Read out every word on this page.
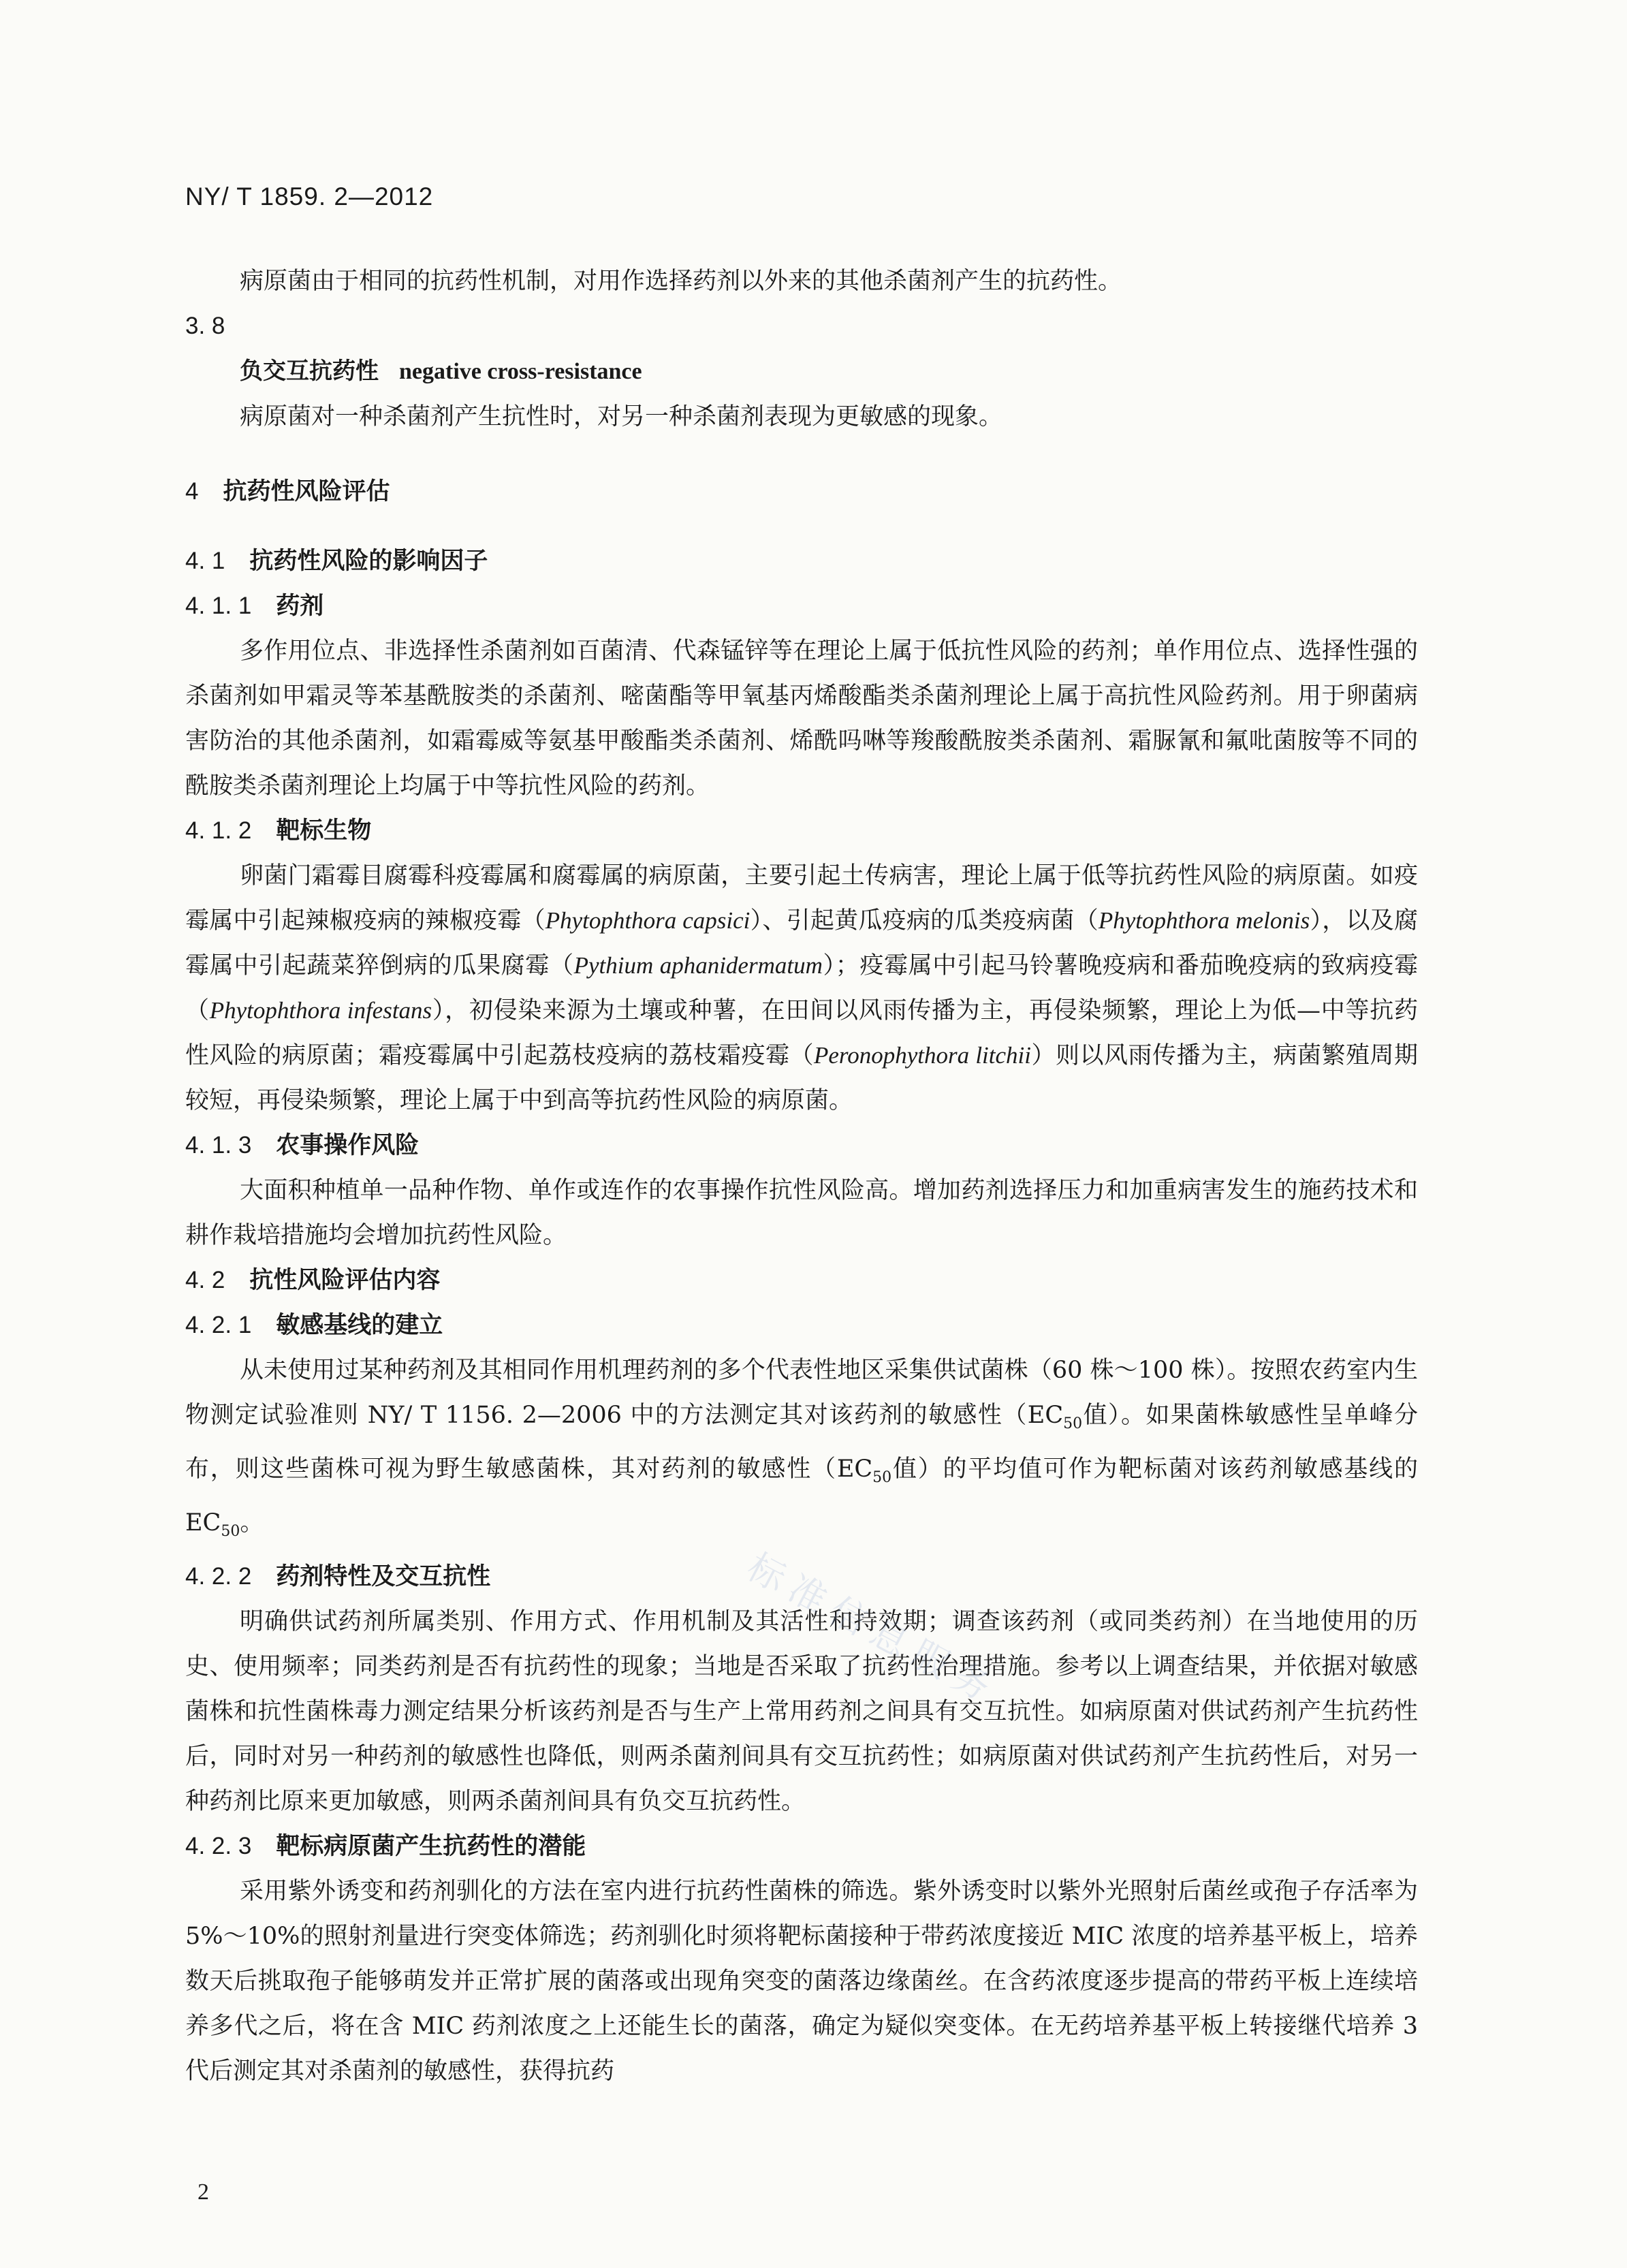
NY/ T 1859. 2—2012

病原菌由于相同的抗药性机制，对用作选择药剂以外来的其他杀菌剂产生的抗药性。

3. 8

负交互抗药性 negative cross-resistance

病原菌对一种杀菌剂产生抗性时，对另一种杀菌剂表现为更敏感的现象。

4 抗药性风险评估

4. 1 抗药性风险的影响因子

4. 1. 1 药剂

多作用位点、非选择性杀菌剂如百菌清、代森锰锌等在理论上属于低抗性风险的药剂；单作用位点、选择性强的杀菌剂如甲霜灵等苯基酰胺类的杀菌剂、嘧菌酯等甲氧基丙烯酸酯类杀菌剂理论上属于高抗性风险药剂。用于卵菌病害防治的其他杀菌剂，如霜霉威等氨基甲酸酯类杀菌剂、烯酰吗啉等羧酸酰胺类杀菌剂、霜脲氰和氟吡菌胺等不同的酰胺类杀菌剂理论上均属于中等抗性风险的药剂。

4. 1. 2 靶标生物

卵菌门霜霉目腐霉科疫霉属和腐霉属的病原菌，主要引起土传病害，理论上属于低等抗药性风险的病原菌。如疫霉属中引起辣椒疫病的辣椒疫霉（Phytophthora capsici）、引起黄瓜疫病的瓜类疫病菌（Phytophthora melonis），以及腐霉属中引起蔬菜猝倒病的瓜果腐霉（Pythium aphanidermatum）；疫霉属中引起马铃薯晚疫病和番茄晚疫病的致病疫霉（Phytophthora infestans），初侵染来源为土壤或种薯，在田间以风雨传播为主，再侵染频繁，理论上为低—中等抗药性风险的病原菌；霜疫霉属中引起荔枝疫病的荔枝霜疫霉（Peronophythora litchii）则以风雨传播为主，病菌繁殖周期较短，再侵染频繁，理论上属于中到高等抗药性风险的病原菌。

4. 1. 3 农事操作风险

大面积种植单一品种作物、单作或连作的农事操作抗性风险高。增加药剂选择压力和加重病害发生的施药技术和耕作栽培措施均会增加抗药性风险。

4. 2 抗性风险评估内容

4. 2. 1 敏感基线的建立

从未使用过某种药剂及其相同作用机理药剂的多个代表性地区采集供试菌株（60 株～100 株）。按照农药室内生物测定试验准则 NY/ T 1156. 2—2006 中的方法测定其对该药剂的敏感性（$EC_{50}$值）。如果菌株敏感性呈单峰分布，则这些菌株可视为野生敏感菌株，其对药剂的敏感性（$EC_{50}$值）的平均值可作为靶标菌对该药剂敏感基线的 $EC_{50}$。

4. 2. 2 药剂特性及交互抗性

明确供试药剂所属类别、作用方式、作用机制及其活性和持效期；调查该药剂（或同类药剂）在当地使用的历史、使用频率；同类药剂是否有抗药性的现象；当地是否采取了抗药性治理措施。参考以上调查结果，并依据对敏感菌株和抗性菌株毒力测定结果分析该药剂是否与生产上常用药剂之间具有交互抗性。如病原菌对供试药剂产生抗药性后，同时对另一种药剂的敏感性也降低，则两杀菌剂间具有交互抗药性；如病原菌对供试药剂产生抗药性后，对另一种药剂比原来更加敏感，则两杀菌剂间具有负交互抗药性。

4. 2. 3 靶标病原菌产生抗药性的潜能

采用紫外诱变和药剂驯化的方法在室内进行抗药性菌株的筛选。紫外诱变时以紫外光照射后菌丝或孢子存活率为 5%～10%的照射剂量进行突变体筛选；药剂驯化时须将靶标菌接种于带药浓度接近 MIC 浓度的培养基平板上，培养数天后挑取孢子能够萌发并正常扩展的菌落或出现角突变的菌落边缘菌丝。在含药浓度逐步提高的带药平板上连续培养多代之后，将在含 MIC 药剂浓度之上还能生长的菌落，确定为疑似突变体。在无药培养基平板上转接继代培养 3 代后测定其对杀菌剂的敏感性，获得抗药

标准信息服务
2
